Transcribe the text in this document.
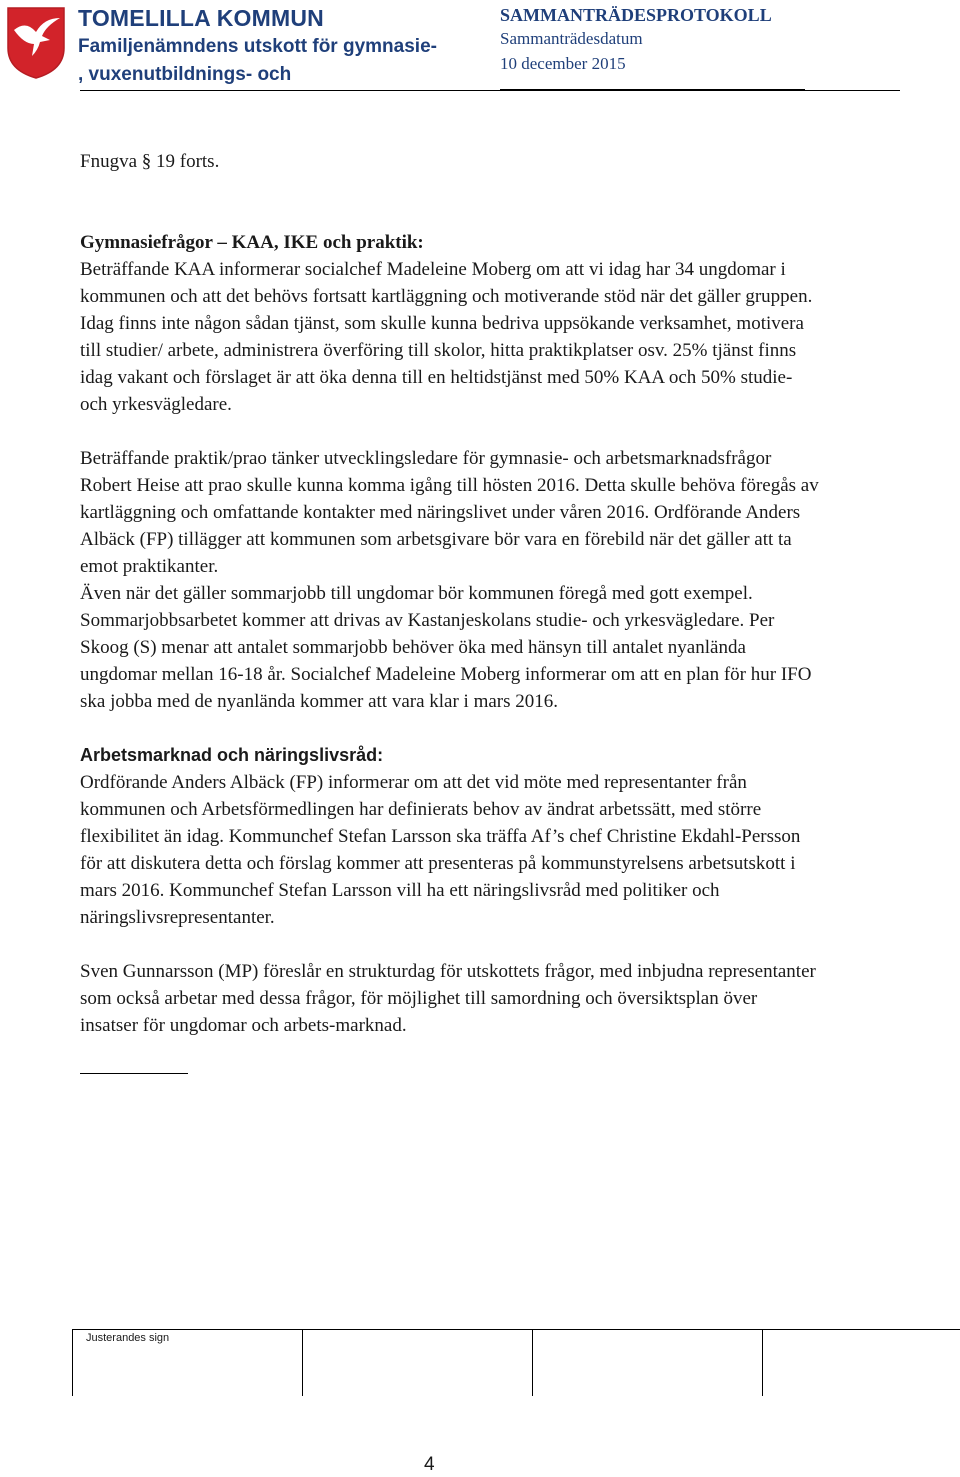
TOMELILLA KOMMUN
Familjenämndens utskott för gymnasie-
, vuxenutbildnings- och
SAMMANTRÄDESPROTOKOLL
Sammanträdesdatum
10 december 2015

Fnugva § 19 forts.

Gymnasiefrågor – KAA, IKE och praktik:

Beträffande KAA informerar socialchef Madeleine Moberg om att vi idag har 34 ungdomar i kommunen och att det behövs fortsatt kartläggning och motiverande stöd när det gäller gruppen. Idag finns inte någon sådan tjänst, som skulle kunna bedriva uppsökande verksamhet, motivera till studier/ arbete, administrera överföring till skolor, hitta praktikplatser osv. 25% tjänst finns idag vakant och förslaget är att öka denna till en heltidstjänst med 50% KAA och 50% studie- och yrkesvägledare.

Beträffande praktik/prao tänker utvecklingsledare för gymnasie- och arbetsmarknadsfrågor Robert Heise att prao skulle kunna komma igång till hösten 2016. Detta skulle behöva föregås av kartläggning och omfattande kontakter med näringslivet under våren 2016. Ordförande Anders Albäck (FP) tillägger att kommunen som arbetsgivare bör vara en förebild när det gäller att ta emot praktikanter.

Även när det gäller sommarjobb till ungdomar bör kommunen föregå med gott exempel. Sommarjobbsarbetet kommer att drivas av Kastanjeskolans studie- och yrkesvägledare. Per Skoog (S) menar att antalet sommarjobb behöver öka med hänsyn till antalet nyanlända ungdomar mellan 16-18 år. Socialchef Madeleine Moberg informerar om att en plan för hur IFO ska jobba med de nyanlända kommer att vara klar i mars 2016.

Arbetsmarknad och näringslivsråd:

Ordförande Anders Albäck (FP) informerar om att det vid möte med representanter från kommunen och Arbetsförmedlingen har definierats behov av ändrat arbetssätt, med större flexibilitet än idag. Kommunchef Stefan Larsson ska träffa Af’s chef Christine Ekdahl-Persson för att diskutera detta och förslag kommer att presenteras på kommunstyrelsens arbetsutskott i mars 2016. Kommunchef Stefan Larsson vill ha ett näringslivsråd med politiker och näringslivsrepresentanter.

Sven Gunnarsson (MP) föreslår en strukturdag för utskottets frågor, med inbjudna representanter som också arbetar med dessa frågor, för möjlighet till samordning och översiktsplan över insatser för ungdomar och arbets-marknad.

Justerandes sign
4
